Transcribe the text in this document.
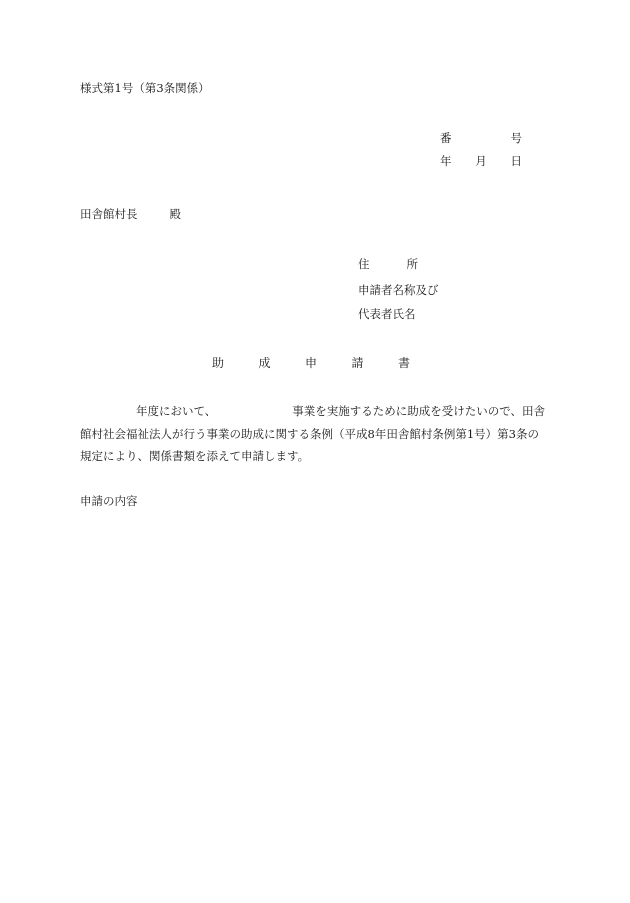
様式第1号（第3条関係）
番	号
年 月 日
田舎館村長	殿
住	所
申請者名称及び
代表者氏名
助	成	申	請	書
年度において、	事業を実施するために助成を受けたいので、田舎館村社会福祉法人が行う事業の助成に関する条例（平成8年田舎館村条例第1号）第3条の規定により、関係書類を添えて申請します。
申請の内容
